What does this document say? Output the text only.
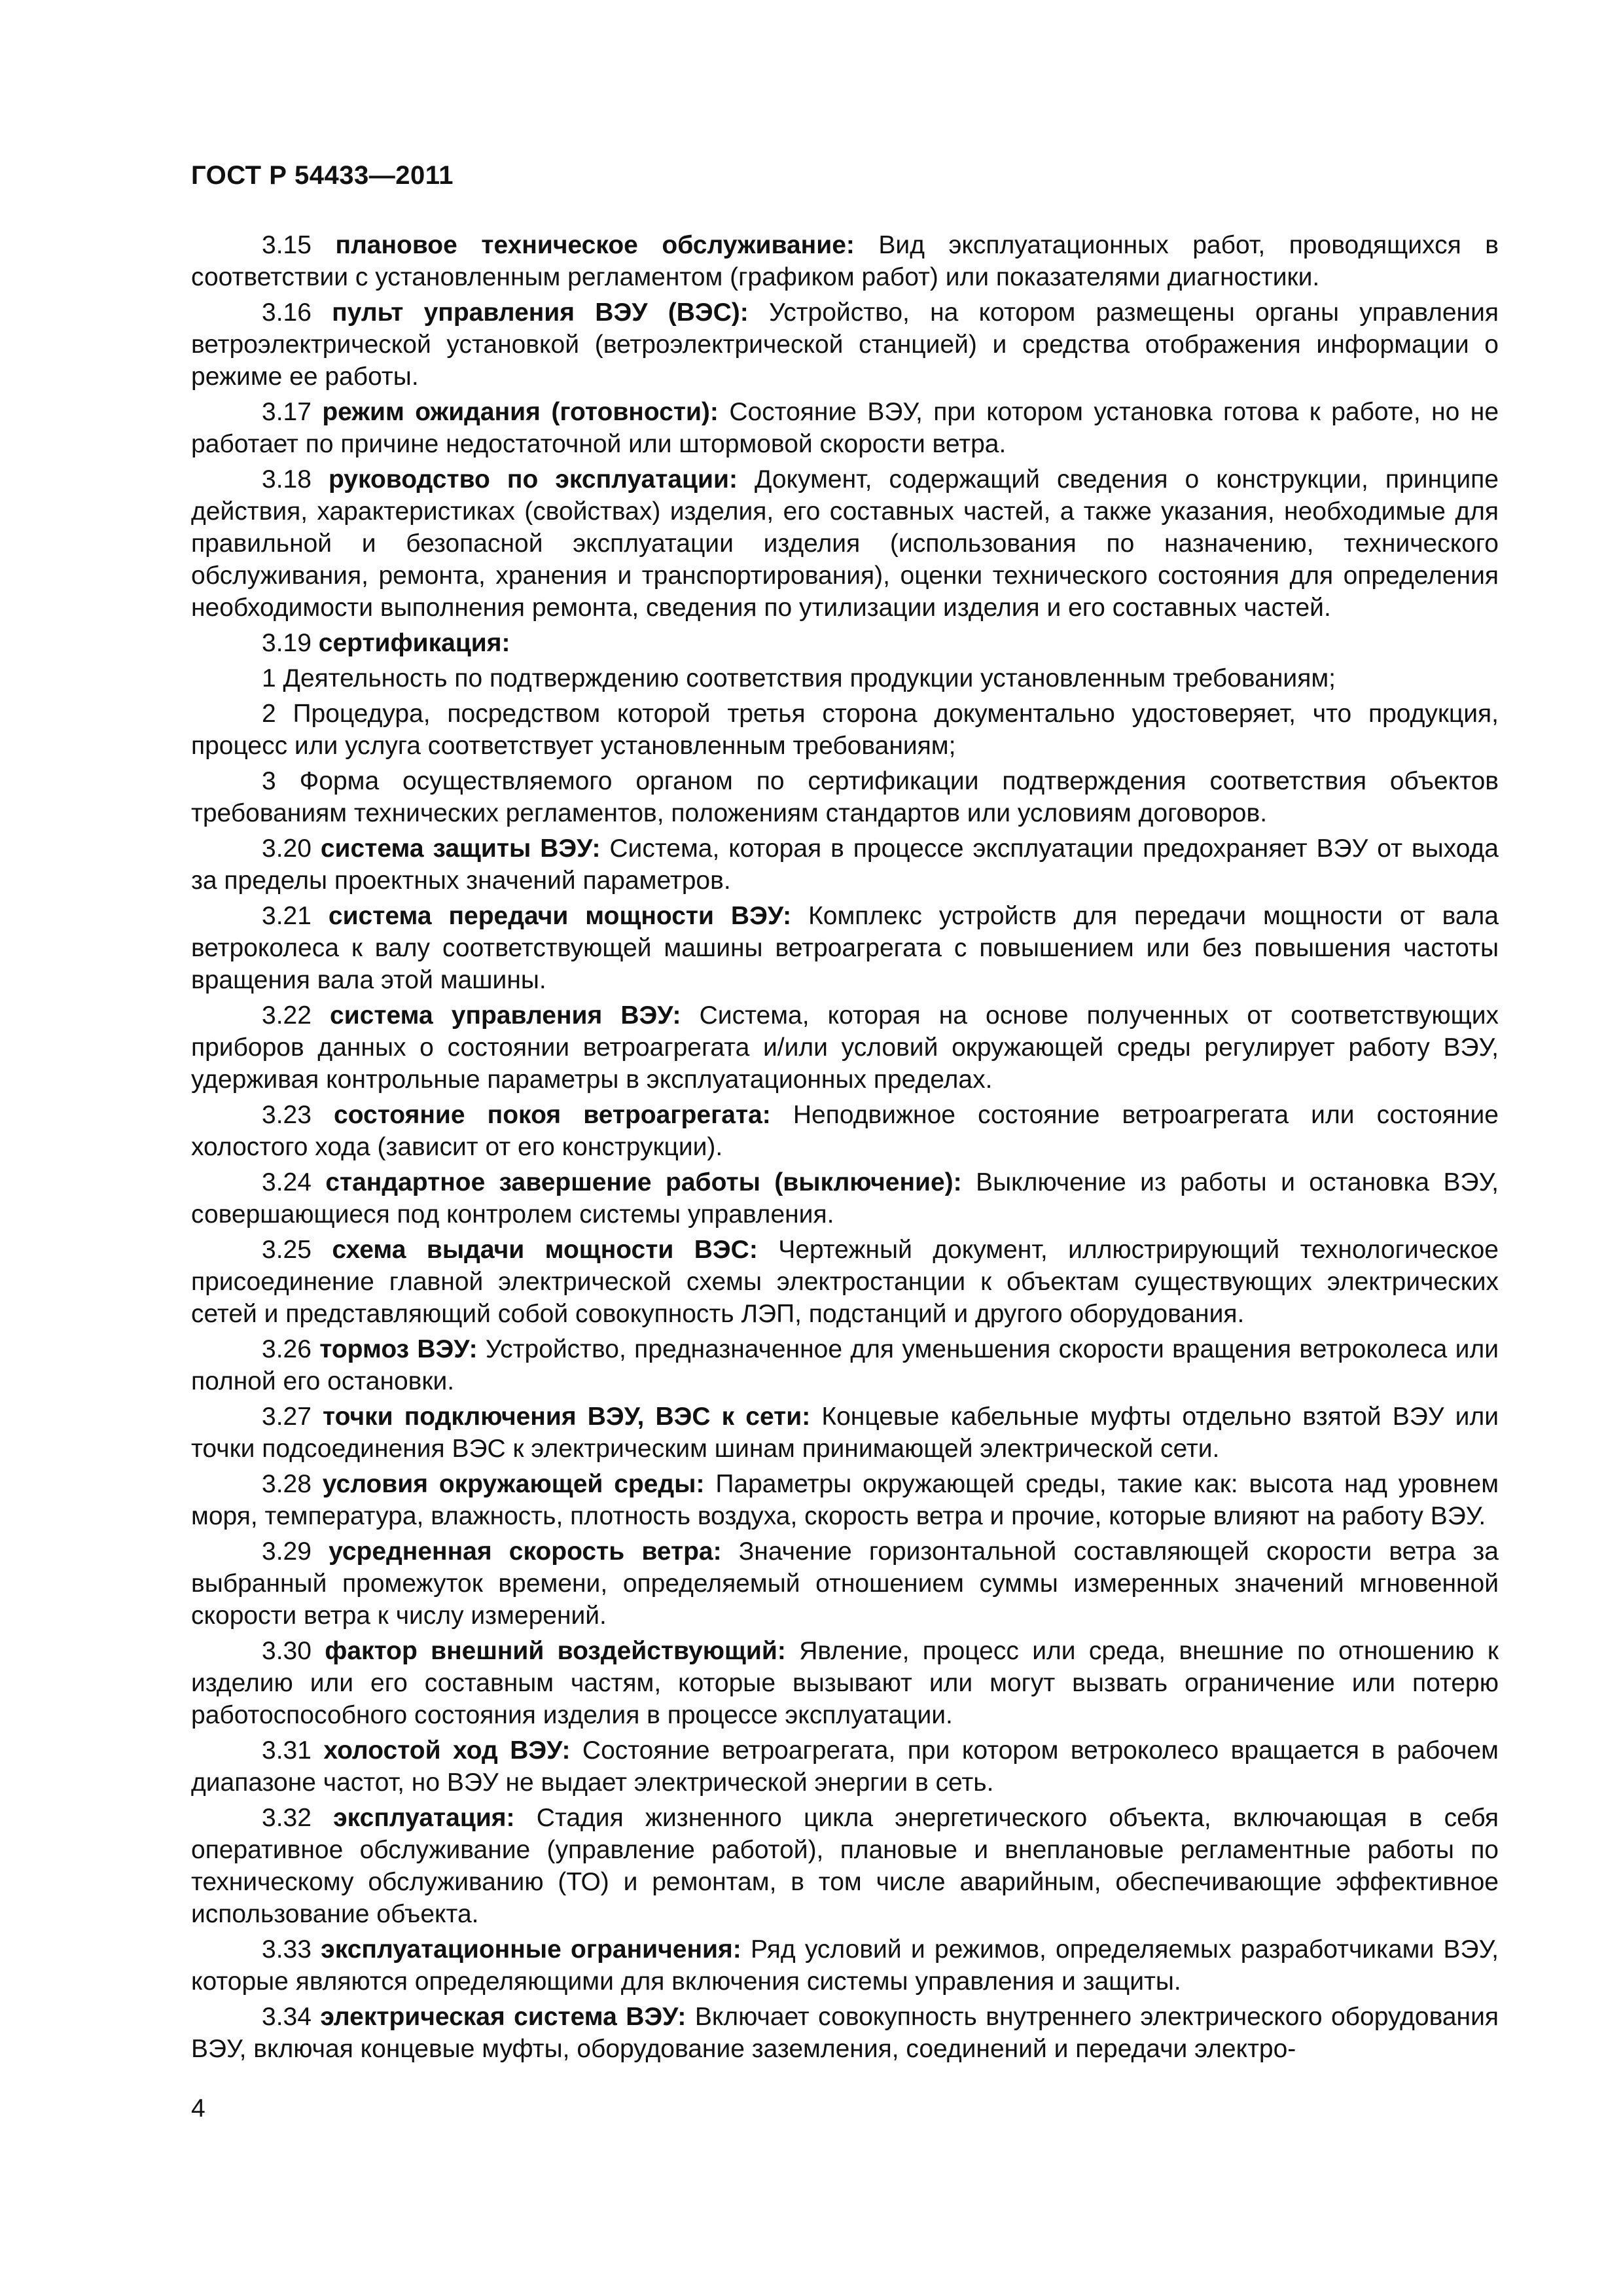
ГОСТ Р 54433—2011

3.15 плановое техническое обслуживание: Вид эксплуатационных работ, проводящихся в соответствии с установленным регламентом (графиком работ) или показателями диагностики.

3.16 пульт управления ВЭУ (ВЭС): Устройство, на котором размещены органы управления ветроэлектрической установкой (ветроэлектрической станцией) и средства отображения информации о режиме ее работы.

3.17 режим ожидания (готовности): Состояние ВЭУ, при котором установка готова к работе, но не работает по причине недостаточной или штормовой скорости ветра.

3.18 руководство по эксплуатации: Документ, содержащий сведения о конструкции, принципе действия, характеристиках (свойствах) изделия, его составных частей, а также указания, необходимые для правильной и безопасной эксплуатации изделия (использования по назначению, технического обслуживания, ремонта, хранения и транспортирования), оценки технического состояния для определения необходимости выполнения ремонта, сведения по утилизации изделия и его составных частей.

3.19 сертификация:

1 Деятельность по подтверждению соответствия продукции установленным требованиям;

2 Процедура, посредством которой третья сторона документально удостоверяет, что продукция, процесс или услуга соответствует установленным требованиям;

3 Форма осуществляемого органом по сертификации подтверждения соответствия объектов требованиям технических регламентов, положениям стандартов или условиям договоров.

3.20 система защиты ВЭУ: Система, которая в процессе эксплуатации предохраняет ВЭУ от выхода за пределы проектных значений параметров.

3.21 система передачи мощности ВЭУ: Комплекс устройств для передачи мощности от вала ветроколеса к валу соответствующей машины ветроагрегата с повышением или без повышения частоты вращения вала этой машины.

3.22 система управления ВЭУ: Система, которая на основе полученных от соответствующих приборов данных о состоянии ветроагрегата и/или условий окружающей среды регулирует работу ВЭУ, удерживая контрольные параметры в эксплуатационных пределах.

3.23 состояние покоя ветроагрегата: Неподвижное состояние ветроагрегата или состояние холостого хода (зависит от его конструкции).

3.24 стандартное завершение работы (выключение): Выключение из работы и остановка ВЭУ, совершающиеся под контролем системы управления.

3.25 схема выдачи мощности ВЭС: Чертежный документ, иллюстрирующий технологическое присоединение главной электрической схемы электростанции к объектам существующих электрических сетей и представляющий собой совокупность ЛЭП, подстанций и другого оборудования.

3.26 тормоз ВЭУ: Устройство, предназначенное для уменьшения скорости вращения ветроколеса или полной его остановки.

3.27 точки подключения ВЭУ, ВЭС к сети: Концевые кабельные муфты отдельно взятой ВЭУ или точки подсоединения ВЭС к электрическим шинам принимающей электрической сети.

3.28 условия окружающей среды: Параметры окружающей среды, такие как: высота над уровнем моря, температура, влажность, плотность воздуха, скорость ветра и прочие, которые влияют на работу ВЭУ.

3.29 усредненная скорость ветра: Значение горизонтальной составляющей скорости ветра за выбранный промежуток времени, определяемый отношением суммы измеренных значений мгновенной скорости ветра к числу измерений.

3.30 фактор внешний воздействующий: Явление, процесс или среда, внешние по отношению к изделию или его составным частям, которые вызывают или могут вызвать ограничение или потерю работоспособного состояния изделия в процессе эксплуатации.

3.31 холостой ход ВЭУ: Состояние ветроагрегата, при котором ветроколесо вращается в рабочем диапазоне частот, но ВЭУ не выдает электрической энергии в сеть.

3.32 эксплуатация: Стадия жизненного цикла энергетического объекта, включающая в себя оперативное обслуживание (управление работой), плановые и внеплановые регламентные работы по техническому обслуживанию (ТО) и ремонтам, в том числе аварийным, обеспечивающие эффективное использование объекта.

3.33 эксплуатационные ограничения: Ряд условий и режимов, определяемых разработчиками ВЭУ, которые являются определяющими для включения системы управления и защиты.

3.34 электрическая система ВЭУ: Включает совокупность внутреннего электрического оборудования ВЭУ, включая концевые муфты, оборудование заземления, соединений и передачи электро-

4
